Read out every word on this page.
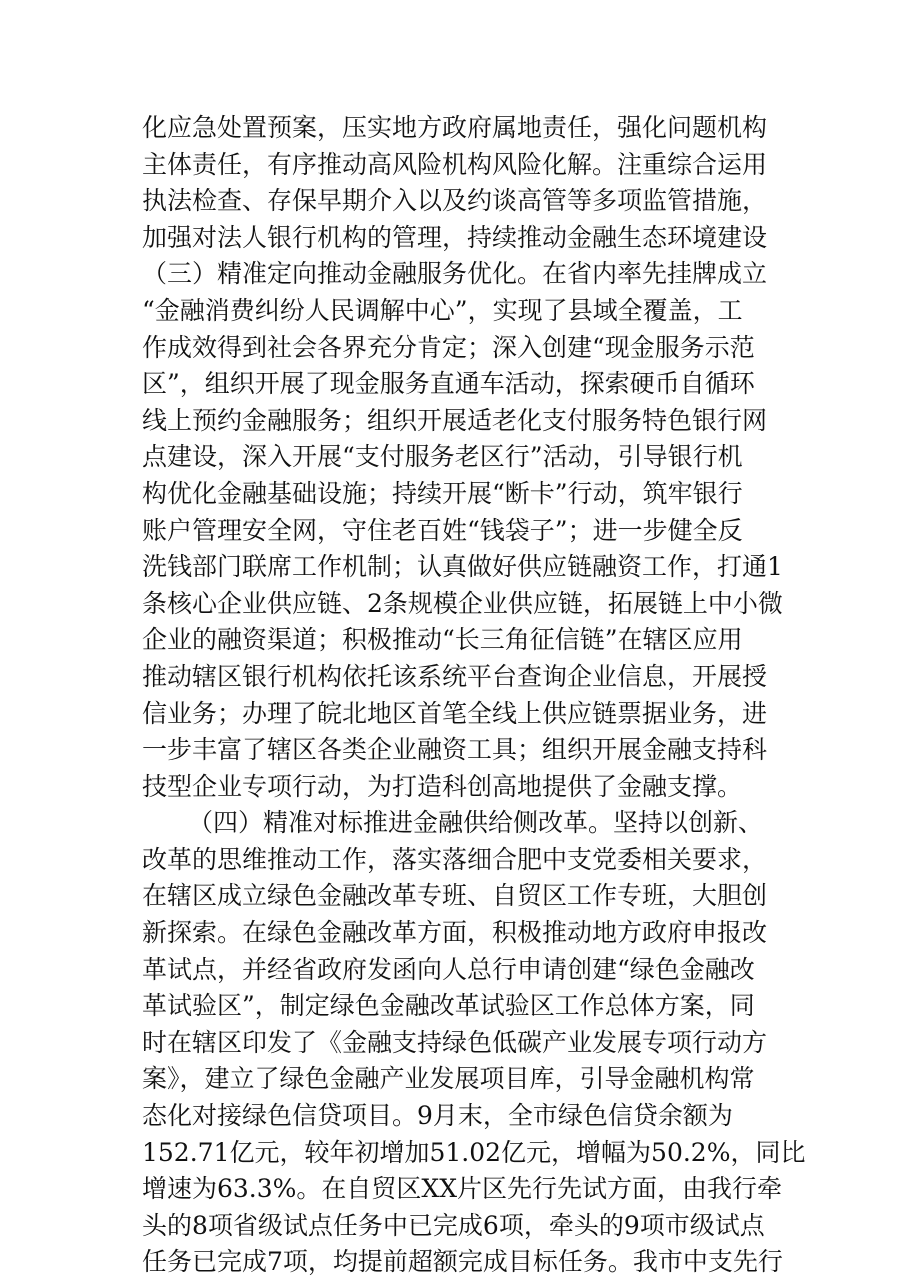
化应急处置预案，压实地方政府属地责任，强化问题机构
主体责任，有序推动高风险机构风险化解。注重综合运用
执法检查、存保早期介入以及约谈高管等多项监管措施，
加强对法人银行机构的管理，持续推动金融生态环境建设
（三）精准定向推动金融服务优化。在省内率先挂牌成立
“金融消费纠纷人民调解中心”，实现了县域全覆盖，工
作成效得到社会各界充分肯定；深入创建“现金服务示范
区”，组织开展了现金服务直通车活动，探索硬币自循环
线上预约金融服务；组织开展适老化支付服务特色银行网
点建设，深入开展“支付服务老区行”活动，引导银行机
构优化金融基础设施；持续开展“断卡”行动，筑牢银行
账户管理安全网，守住老百姓“钱袋子”；进一步健全反
洗钱部门联席工作机制；认真做好供应链融资工作，打通1
条核心企业供应链、2条规模企业供应链，拓展链上中小微
企业的融资渠道；积极推动“长三角征信链”在辖区应用
推动辖区银行机构依托该系统平台查询企业信息，开展授
信业务；办理了皖北地区首笔全线上供应链票据业务，进
一步丰富了辖区各类企业融资工具；组织开展金融支持科
技型企业专项行动，为打造科创高地提供了金融支撑。
（四）精准对标推进金融供给侧改革。坚持以创新、
改革的思维推动工作，落实落细合肥中支党委相关要求，
在辖区成立绿色金融改革专班、自贸区工作专班，大胆创
新探索。在绿色金融改革方面，积极推动地方政府申报改
革试点，并经省政府发函向人总行申请创建“绿色金融改
革试验区”，制定绿色金融改革试验区工作总体方案，同
时在辖区印发了《金融支持绿色低碳产业发展专项行动方
案》，建立了绿色金融产业发展项目库，引导金融机构常
态化对接绿色信贷项目。9月末，全市绿色信贷余额为
152.71亿元，较年初增加51.02亿元，增幅为50.2%，同比
增速为63.3%。在自贸区XX片区先行先试方面，由我行牵
头的8项省级试点任务中已完成6项，牵头的9项市级试点
任务已完成7项，均提前超额完成目标任务。我市中支先行
